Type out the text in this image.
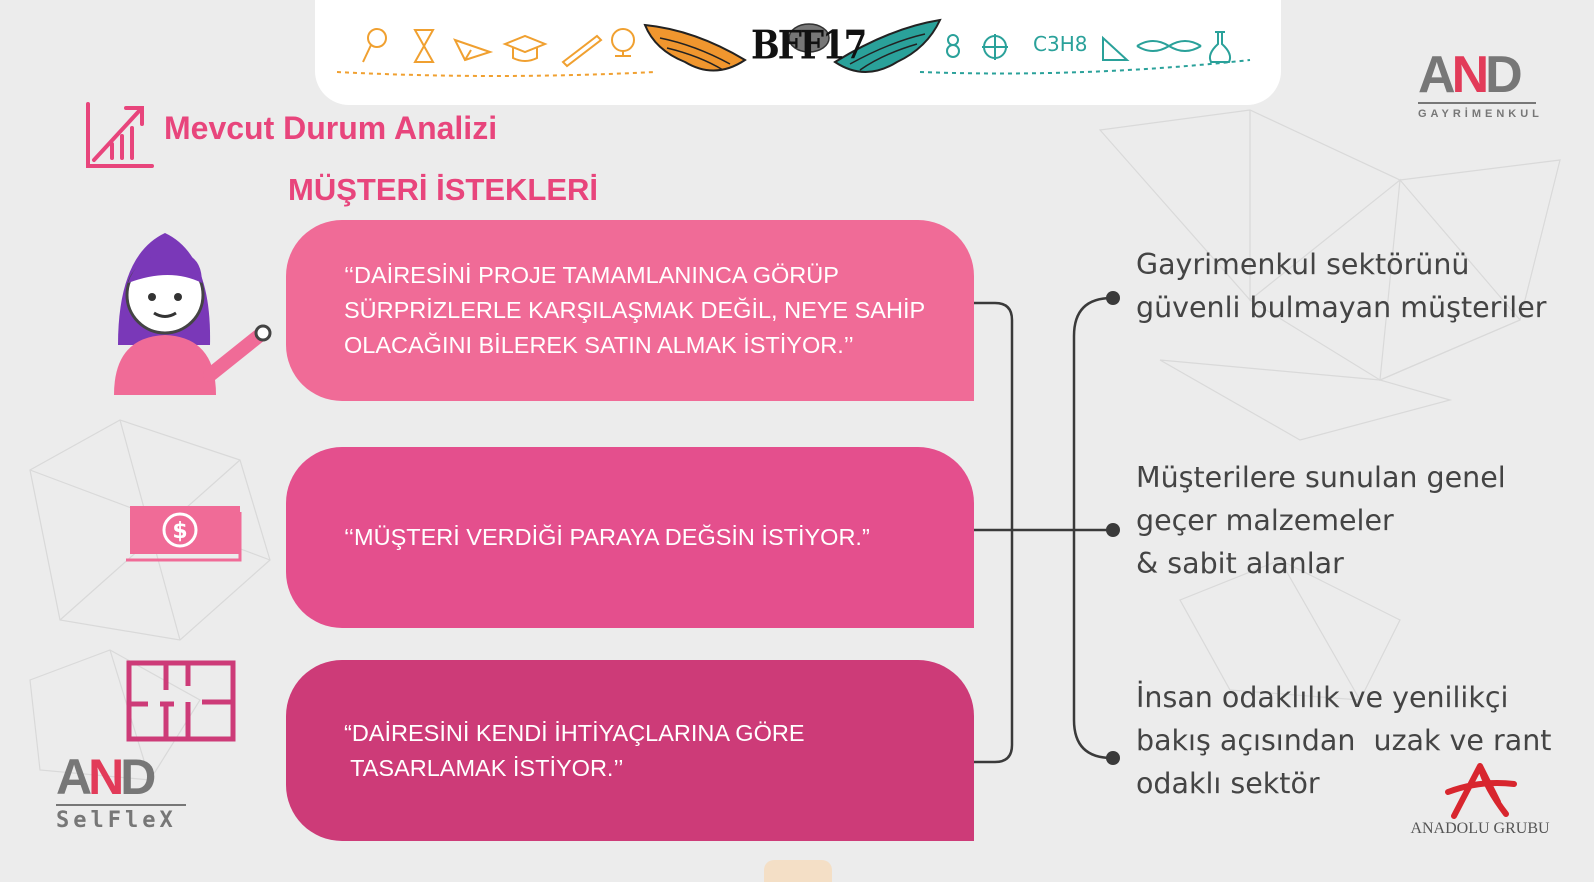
BFF17	C3H8
AND
GAYRİMENKUL
Mevcut Durum Analizi
MÜŞTERİ İSTEKLERİ
$
‘‘DAİRESİNİ PROJE TAMAMLANINCA GÖRÜP
SÜRPRİZLERLE KARŞILAŞMAK DEĞİL, NEYE SAHİP
OLACAĞINI BİLEREK SATIN ALMAK İSTİYOR.’’
‘‘MÜŞTERİ VERDİĞİ PARAYA DEĞSİN İSTİYOR.”
“DAİRESİNİ KENDİ İHTİYAÇLARINA GÖRE
TASARLAMAK İSTİYOR.’’
Gayrimenkul sektörünü
güvenli bulmayan müşteriler
Müşterilere sunulan genel
geçer malzemeler
& sabit alanlar
İnsan odaklılık ve yenilikçi
bakış açısından  uzak ve rant
odaklı sektör
AND
SelFleX	ANADOLU GRUBU
